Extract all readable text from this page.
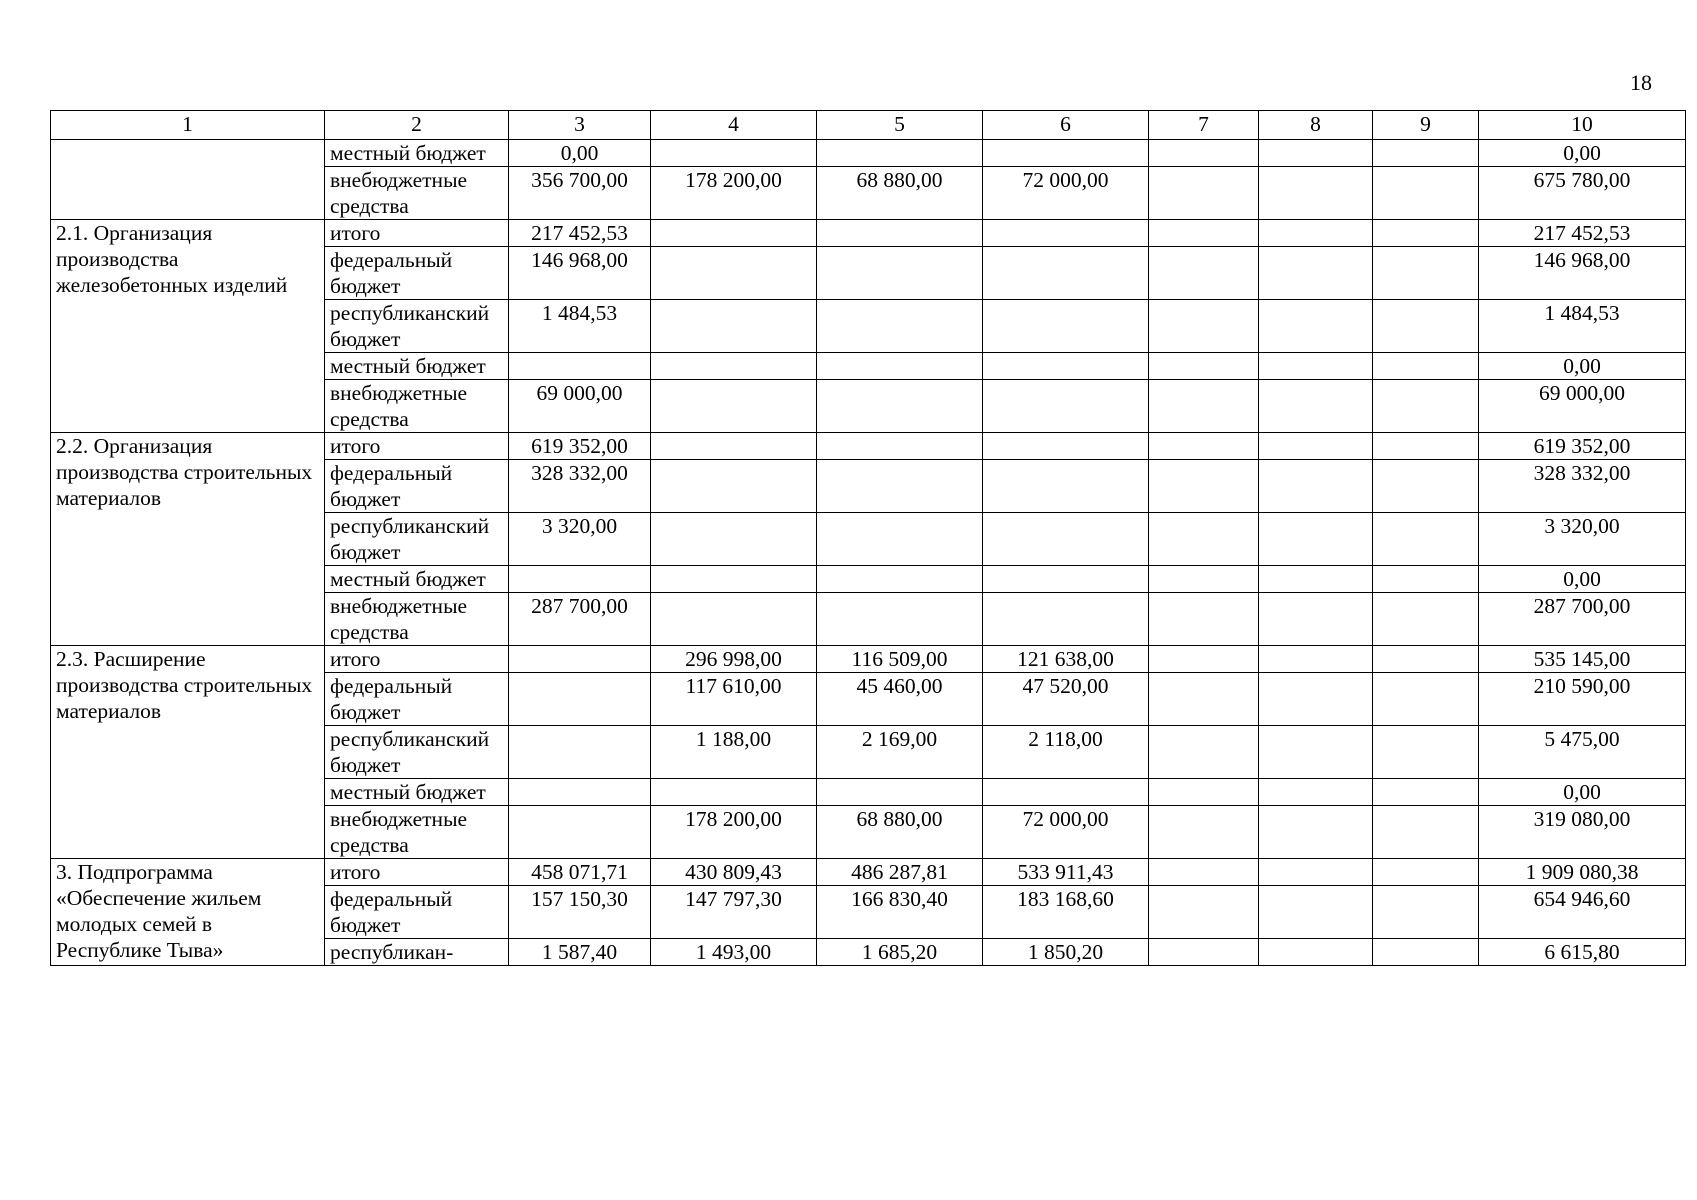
18
1	2	3	4	5	6	7	8	9	10
	местный бюджет	0,00							0,00
	внебюджетные средства	356 700,00	178 200,00	68 880,00	72 000,00				675 780,00
2.1. Организация производства железобетонных изделий	итого	217 452,53							217 452,53
	федеральный бюджет	146 968,00							146 968,00
	республиканский бюджет	1 484,53							1 484,53
	местный бюджет								0,00
	внебюджетные средства	69 000,00							69 000,00
2.2. Организация производства строительных материалов	итого	619 352,00							619 352,00
	федеральный бюджет	328 332,00							328 332,00
	республиканский бюджет	3 320,00							3 320,00
	местный бюджет								0,00
	внебюджетные средства	287 700,00							287 700,00
2.3. Расширение производства строительных материалов	итого		296 998,00	116 509,00	121 638,00				535 145,00
	федеральный бюджет		117 610,00	45 460,00	47 520,00				210 590,00
	республиканский бюджет		1 188,00	2 169,00	2 118,00				5 475,00
	местный бюджет								0,00
	внебюджетные средства		178 200,00	68 880,00	72 000,00				319 080,00
3. Подпрограмма «Обеспечение жильем молодых семей в Республике Тыва»	итого	458 071,71	430 809,43	486 287,81	533 911,43				1 909 080,38
	федеральный бюджет	157 150,30	147 797,30	166 830,40	183 168,60				654 946,60
	республикан-	1 587,40	1 493,00	1 685,20	1 850,20				6 615,80
